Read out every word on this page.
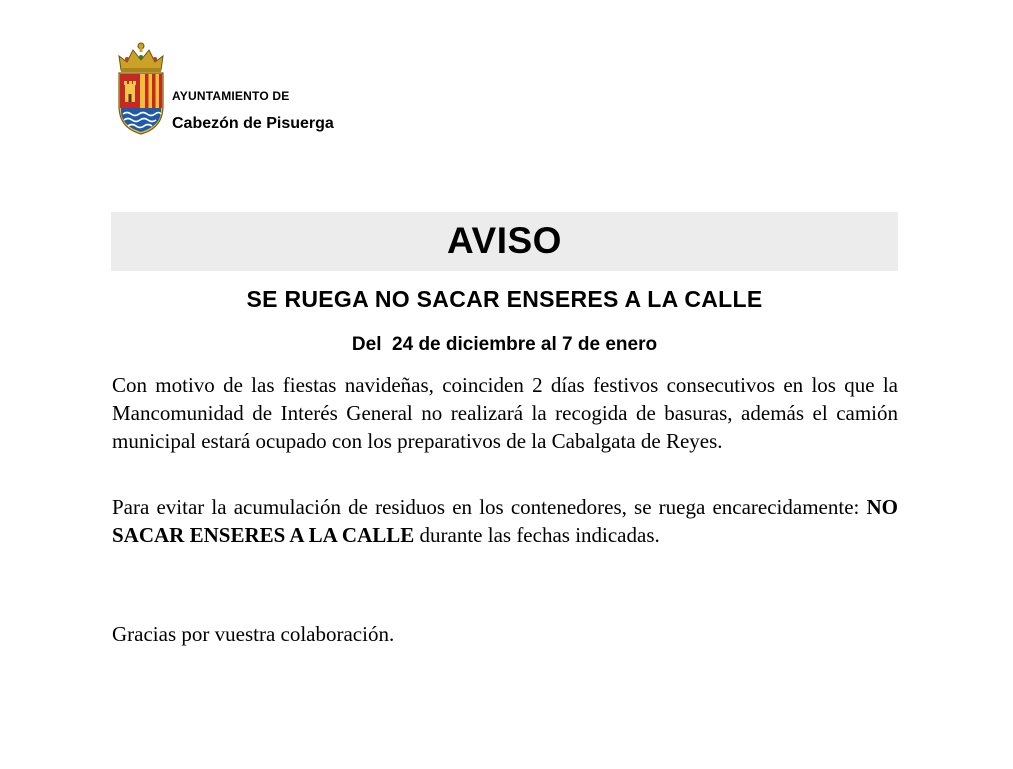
AYUNTAMIENTO DE
Cabezón de Pisuerga
AVISO
SE RUEGA NO SACAR ENSERES A LA CALLE
Del  24 de diciembre al 7 de enero
Con motivo de las fiestas navideñas, coinciden 2 días festivos consecutivos en los que la Mancomunidad de Interés General no realizará la recogida de basuras, además el camión municipal estará ocupado con los preparativos de la Cabalgata de Reyes.
Para evitar la acumulación de residuos en los contenedores, se ruega encarecidamente: NO SACAR ENSERES A LA CALLE durante las fechas indicadas.
Gracias por vuestra colaboración.
